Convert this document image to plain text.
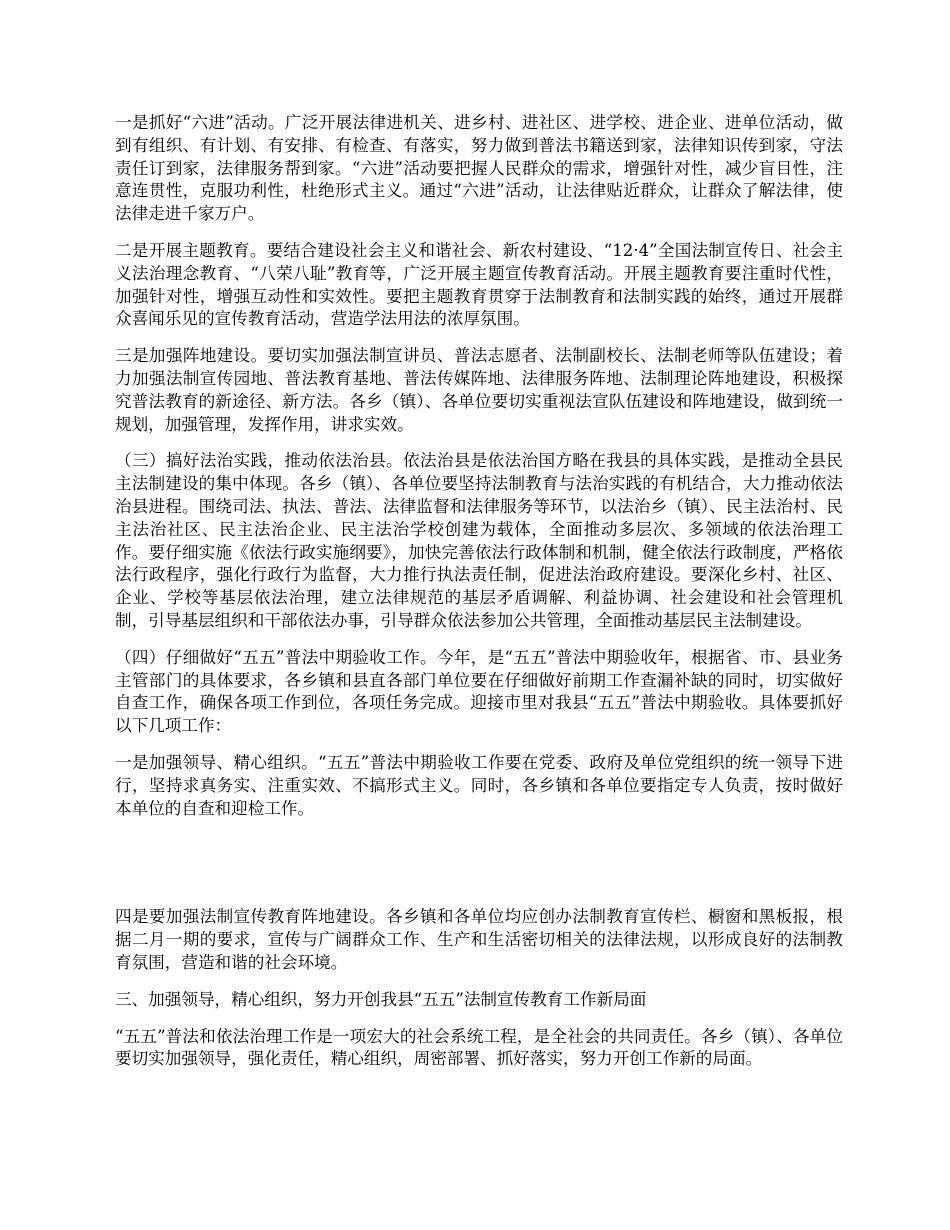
一是抓好“六进”活动。广泛开展法律进机关、进乡村、进社区、进学校、进企业、进单位活动，做到有组织、有计划、有安排、有检查、有落实，努力做到普法书籍送到家，法律知识传到家，守法责任订到家，法律服务帮到家。“六进”活动要把握人民群众的需求，增强针对性，减少盲目性，注意连贯性，克服功利性，杜绝形式主义。通过“六进”活动，让法律贴近群众，让群众了解法律，使法律走进千家万户。

二是开展主题教育。要结合建设社会主义和谐社会、新农村建设、“12·4”全国法制宣传日、社会主义法治理念教育、“八荣八耻”教育等，广泛开展主题宣传教育活动。开展主题教育要注重时代性，加强针对性，增强互动性和实效性。要把主题教育贯穿于法制教育和法制实践的始终，通过开展群众喜闻乐见的宣传教育活动，营造学法用法的浓厚氛围。

三是加强阵地建设。要切实加强法制宣讲员、普法志愿者、法制副校长、法制老师等队伍建设；着力加强法制宣传园地、普法教育基地、普法传媒阵地、法律服务阵地、法制理论阵地建设，积极探究普法教育的新途径、新方法。各乡（镇）、各单位要切实重视法宣队伍建设和阵地建设，做到统一规划，加强管理，发挥作用，讲求实效。

（三）搞好法治实践，推动依法治县。依法治县是依法治国方略在我县的具体实践，是推动全县民主法制建设的集中体现。各乡（镇）、各单位要坚持法制教育与法治实践的有机结合，大力推动依法治县进程。围绕司法、执法、普法、法律监督和法律服务等环节，以法治乡（镇）、民主法治村、民主法治社区、民主法治企业、民主法治学校创建为载体，全面推动多层次、多领域的依法治理工作。要仔细实施《依法行政实施纲要》，加快完善依法行政体制和机制，健全依法行政制度，严格依法行政程序，强化行政行为监督，大力推行执法责任制，促进法治政府建设。要深化乡村、社区、企业、学校等基层依法治理，建立法律规范的基层矛盾调解、利益协调、社会建设和社会管理机制，引导基层组织和干部依法办事，引导群众依法参加公共管理，全面推动基层民主法制建设。

（四）仔细做好“五五”普法中期验收工作。今年，是“五五”普法中期验收年，根据省、市、县业务主管部门的具体要求，各乡镇和县直各部门单位要在仔细做好前期工作查漏补缺的同时，切实做好自查工作，确保各项工作到位，各项任务完成。迎接市里对我县“五五”普法中期验收。具体要抓好以下几项工作：

一是加强领导、精心组织。“五五”普法中期验收工作要在党委、政府及单位党组织的统一领导下进行，坚持求真务实、注重实效、不搞形式主义。同时，各乡镇和各单位要指定专人负责，按时做好本单位的自查和迎检工作。

四是要加强法制宣传教育阵地建设。各乡镇和各单位均应创办法制教育宣传栏、橱窗和黑板报，根据二月一期的要求，宣传与广阔群众工作、生产和生活密切相关的法律法规，以形成良好的法制教育氛围，营造和谐的社会环境。

三、加强领导，精心组织，努力开创我县“五五”法制宣传教育工作新局面

“五五”普法和依法治理工作是一项宏大的社会系统工程，是全社会的共同责任。各乡（镇）、各单位要切实加强领导，强化责任，精心组织，周密部署、抓好落实，努力开创工作新的局面。
